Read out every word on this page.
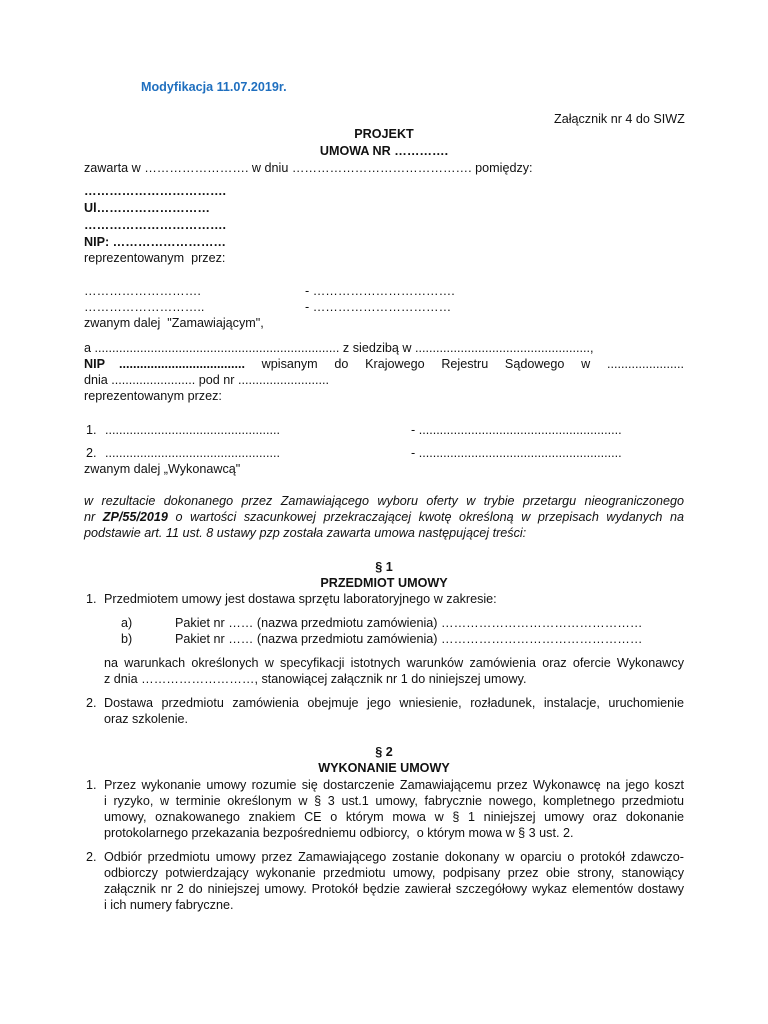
Modyfikacja 11.07.2019r.
Załącznik nr 4 do SIWZ
PROJEKT
UMOWA NR ………….
zawarta w ……………………. w dniu ……………………………………. pomiędzy:
…………………………….
Ul………………………
…………………………….
NIP: ………………………
reprezentowanym  przez:
……………………….	- …………………………….
………………………..	- ……………………………
zwanym dalej  "Zamawiającym",
a ...................................................................... z siedzibą w ..................................................,
NIP .................................... wpisanym do Krajowego Rejestru Sądowego w ......................
dnia ........................ pod nr ..........................
reprezentowanym przez:
1. ..................................................	- ..........................................................
2. ..................................................	- ..........................................................
zwanym dalej „Wykonawcą"
w rezultacie dokonanego przez Zamawiającego wyboru oferty w trybie przetargu nieograniczonego
nr ZP/55/2019 o wartości szacunkowej przekraczającej kwotę określoną w przepisach wydanych na
podstawie art. 11 ust. 8 ustawy pzp została zawarta umowa następującej treści:
§ 1
PRZEDMIOT UMOWY
1. Przedmiotem umowy jest dostawa sprzętu laboratoryjnego w zakresie:
a)	Pakiet nr …… (nazwa przedmiotu zamówienia) …………………………………………
b)	Pakiet nr …… (nazwa przedmiotu zamówienia) …………………………………………
na warunkach określonych w specyfikacji istotnych warunków zamówienia oraz ofercie Wykonawcy
z dnia ………………………, stanowiącej załącznik nr 1 do niniejszej umowy.
2. Dostawa przedmiotu zamówienia obejmuje jego wniesienie, rozładunek, instalacje, uruchomienie
oraz szkolenie.
§ 2
WYKONANIE UMOWY
1. Przez wykonanie umowy rozumie się dostarczenie Zamawiającemu przez Wykonawcę na jego koszt
i ryzyko, w terminie określonym w § 3 ust.1 umowy, fabrycznie nowego, kompletnego przedmiotu
umowy, oznakowanego znakiem CE o którym mowa w § 1 niniejszej umowy oraz dokonanie
protokolarnego przekazania bezpośredniemu odbiorcy,  o którym mowa w § 3 ust. 2.
2. Odbiór przedmiotu umowy przez Zamawiającego zostanie dokonany w oparciu o protokół zdawczo-
odbiorczy potwierdzający wykonanie przedmiotu umowy, podpisany przez obie strony, stanowiący
załącznik nr 2 do niniejszej umowy. Protokół będzie zawierał szczegółowy wykaz elementów dostawy
i ich numery fabryczne.
